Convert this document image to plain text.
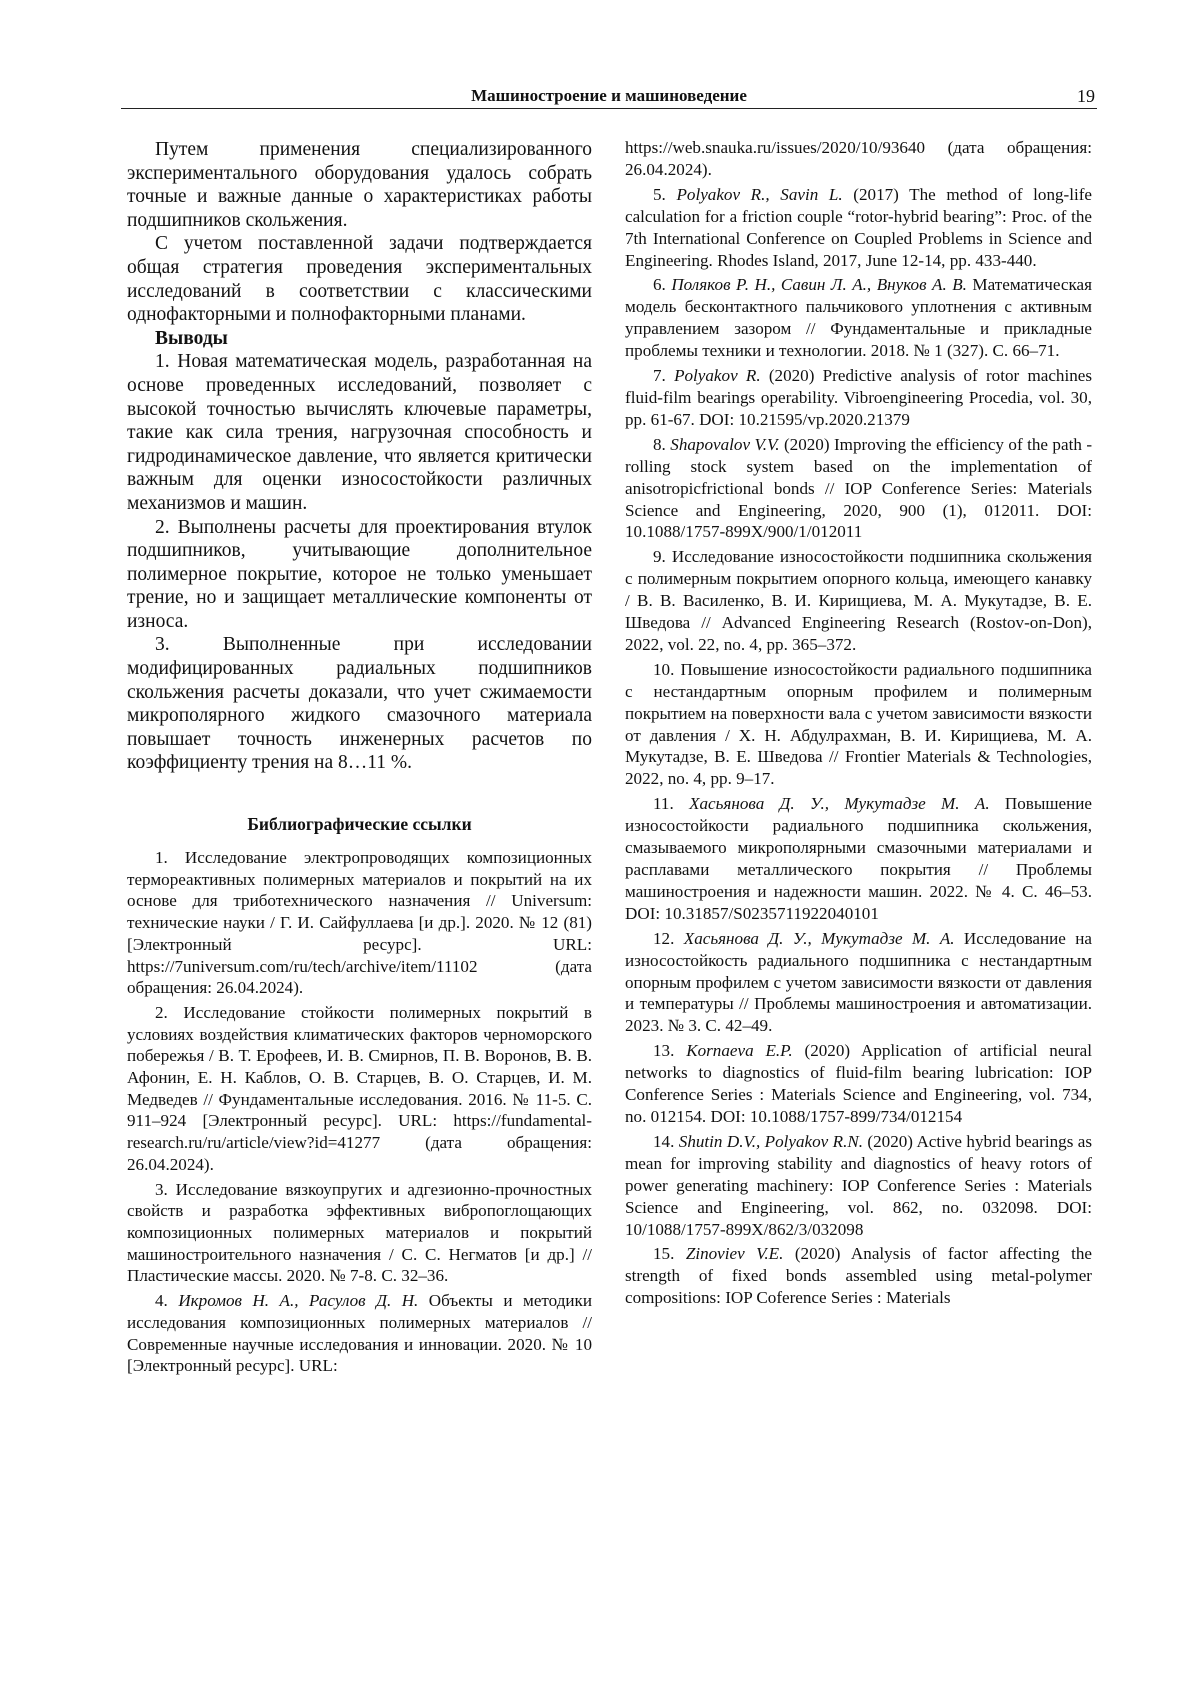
Машиностроение и машиноведение	19

Путем применения специализированного экспериментального оборудования удалось собрать точные и важные данные о характеристиках работы подшипников скольжения.

С учетом поставленной задачи подтверждается общая стратегия проведения экспериментальных исследований в соответствии с классическими однофакторными и полнофакторными планами.

Выводы

1. Новая математическая модель, разработанная на основе проведенных исследований, позволяет с высокой точностью вычислять ключевые параметры, такие как сила трения, нагрузочная способность и гидродинамическое давление, что является критически важным для оценки износостойкости различных механизмов и машин.

2. Выполнены расчеты для проектирования втулок подшипников, учитывающие дополнительное полимерное покрытие, которое не только уменьшает трение, но и защищает металлические компоненты от износа.

3. Выполненные при исследовании модифицированных радиальных подшипников скольжения расчеты доказали, что учет сжимаемости микрополярного жидкого смазочного материала повышает точность инженерных расчетов по коэффициенту трения на 8…11 %.

Библиографические ссылки

1. Исследование электропроводящих композиционных термореактивных полимерных материалов и покрытий на их основе для триботехнического назначения // Universum: технические науки / Г. И. Сайфуллаева [и др.]. 2020. № 12 (81) [Электронный ресурс]. URL: https://7universum.com/ru/tech/archive/item/11102 (дата обращения: 26.04.2024).

2. Исследование стойкости полимерных покрытий в условиях воздействия климатических факторов черноморского побережья / В. Т. Ерофеев, И. В. Смирнов, П. В. Воронов, В. В. Афонин, Е. Н. Каблов, О. В. Старцев, В. О. Старцев, И. М. Медведев // Фундаментальные исследования. 2016. № 11-5. С. 911–924 [Электронный ресурс]. URL: https://fundamental-research.ru/ru/article/view?id=41277 (дата обращения: 26.04.2024).

3. Исследование вязкоупругих и адгезионно-прочностных свойств и разработка эффективных вибропоглощающих композиционных полимерных материалов и покрытий машиностроительного назначения / С. С. Негматов [и др.] // Пластические массы. 2020. № 7-8. С. 32–36.

4. Икромов Н. А., Расулов Д. Н. Объекты и методики исследования композиционных полимерных материалов // Современные научные исследования и инновации. 2020. № 10 [Электронный ресурс]. URL:

https://web.snauka.ru/issues/2020/10/93640 (дата обращения: 26.04.2024).

5. Polyakov R., Savin L. (2017) The method of long-life calculation for a friction couple “rotor-hybrid bearing”: Proc. of the 7th International Conference on Coupled Problems in Science and Engineering. Rhodes Island, 2017, June 12-14, pp. 433-440.

6. Поляков Р. Н., Савин Л. А., Внуков А. В. Математическая модель бесконтактного пальчикового уплотнения с активным управлением зазором // Фундаментальные и прикладные проблемы техники и технологии. 2018. № 1 (327). С. 66–71.

7. Polyakov R. (2020) Predictive analysis of rotor machines fluid-film bearings operability. Vibroengineering Procedia, vol. 30, pp. 61-67. DOI: 10.21595/vp.2020.21379

8. Shapovalov V.V. (2020) Improving the efficiency of the path - rolling stock system based on the implementation of anisotropicfrictional bonds // IOP Conference Series: Materials Science and Engineering, 2020, 900 (1), 012011. DOI: 10.1088/1757-899X/900/1/012011

9. Исследование износостойкости подшипника скольжения с полимерным покрытием опорного кольца, имеющего канавку / В. В. Василенко, В. И. Кирищиева, М. А. Мукутадзе, В. Е. Шведова // Advanced Engineering Research (Rostov-on-Don), 2022, vol. 22, no. 4, pp. 365–372.

10. Повышение износостойкости радиального подшипника с нестандартным опорным профилем и полимерным покрытием на поверхности вала с учетом зависимости вязкости от давления / Х. Н. Абдулрахман, В. И. Кирищиева, М. А. Мукутадзе, В. Е. Шведова // Frontier Materials & Technologies, 2022, no. 4, pp. 9–17.

11. Хасьянова Д. У., Мукутадзе М. А. Повышение износостойкости радиального подшипника скольжения, смазываемого микрополярными смазочными материалами и расплавами металлического покрытия // Проблемы машиностроения и надежности машин. 2022. № 4. С. 46–53. DOI: 10.31857/S0235711922040101

12. Хасьянова Д. У., Мукутадзе М. А. Исследование на износостойкость радиального подшипника с нестандартным опорным профилем с учетом зависимости вязкости от давления и температуры // Проблемы машиностроения и автоматизации. 2023. № 3. С. 42–49.

13. Kornaeva E.P. (2020) Application of artificial neural networks to diagnostics of fluid-film bearing lubrication: IOP Conference Series : Materials Science and Engineering, vol. 734, no. 012154. DOI: 10.1088/1757-899/734/012154

14. Shutin D.V., Polyakov R.N. (2020) Active hybrid bearings as mean for improving stability and diagnostics of heavy rotors of power generating machinery: IOP Conference Series : Materials Science and Engineering, vol. 862, no. 032098. DOI: 10/1088/1757-899X/862/3/032098

15. Zinoviev V.E. (2020) Analysis of factor affecting the strength of fixed bonds assembled using metal-polymer compositions: IOP Coference Series : Materials
